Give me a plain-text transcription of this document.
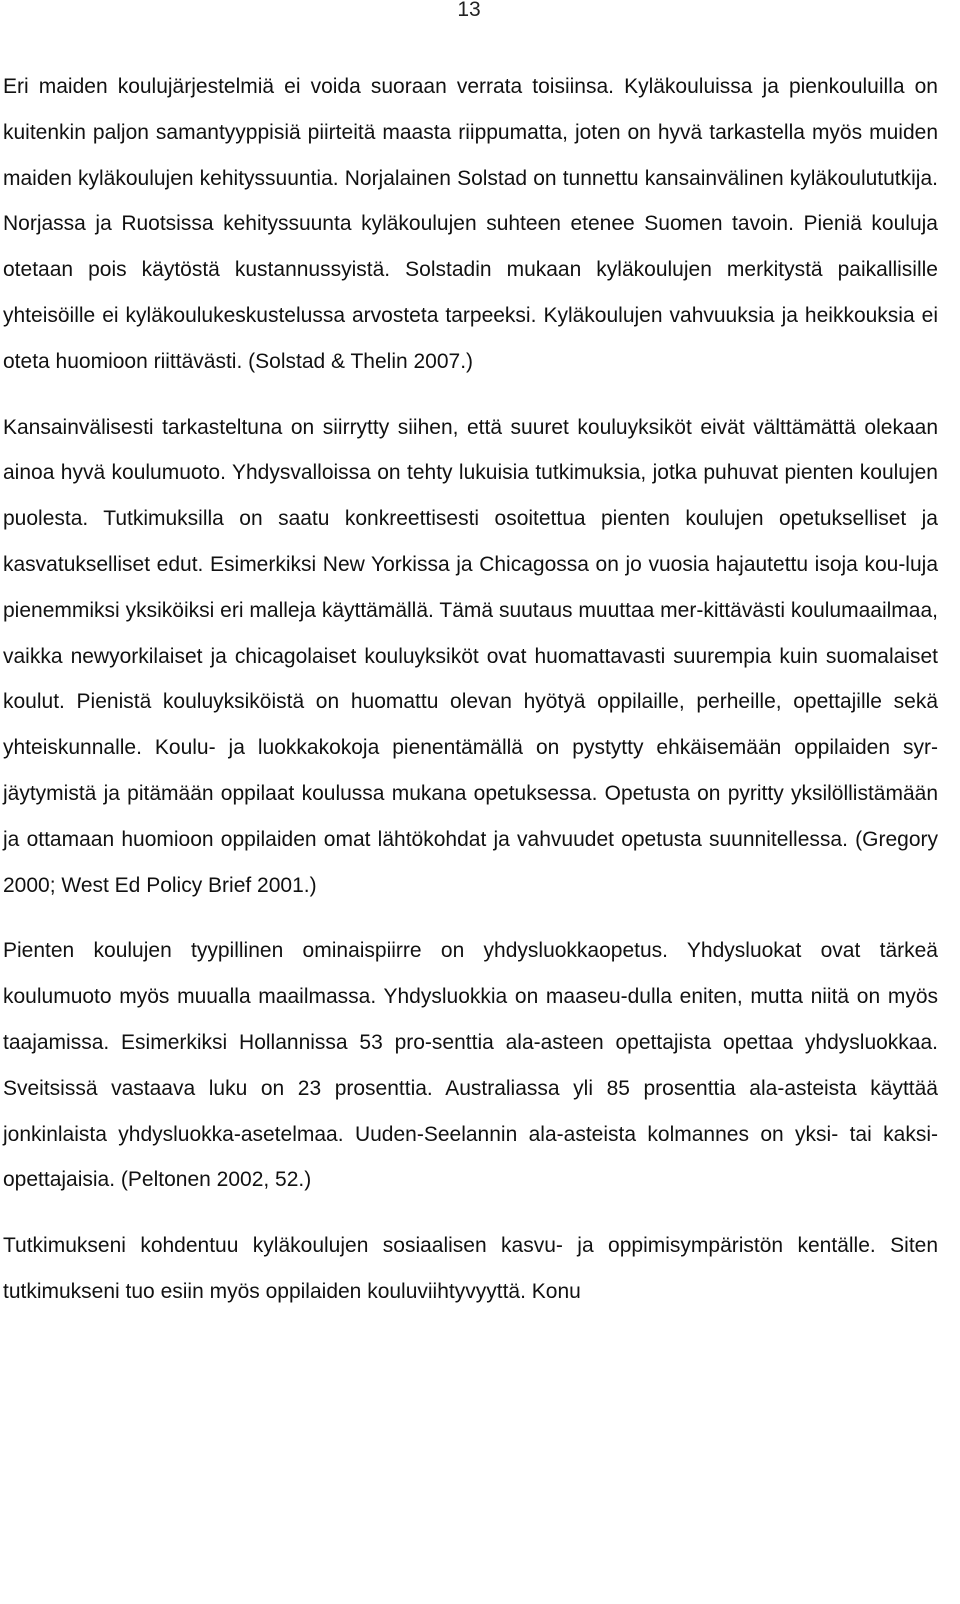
13

Eri maiden koulujärjestelmiä ei voida suoraan verrata toisiinsa. Kyläkouluissa ja pienkouluilla on kuitenkin paljon samantyyppisiä piirteitä maasta riippumatta, joten on hyvä tarkastella myös muiden maiden kyläkoulujen kehityssuuntia. Norjalainen Solstad on tunnettu kansainvälinen kyläkoulututkija. Norjassa ja Ruotsissa kehityssuunta kyläkoulujen suhteen etenee Suomen tavoin. Pieniä kouluja otetaan pois käytöstä kustannussyistä. Solstadin mukaan kyläkoulujen merkitystä paikallisille yhteisöille ei kyläkoulukeskustelussa arvosteta tarpeeksi. Kyläkoulujen vahvuuksia ja heikkouksia ei oteta huomioon riittävästi. (Solstad & Thelin 2007.)

Kansainvälisesti tarkasteltuna on siirrytty siihen, että suuret kouluyksiköt eivät välttämättä olekaan ainoa hyvä koulumuoto. Yhdysvalloissa on tehty lukuisia tutkimuksia, jotka puhuvat pienten koulujen puolesta. Tutkimuksilla on saatu konkreettisesti osoitettua pienten koulujen opetukselliset ja kasvatukselliset edut. Esimerkiksi New Yorkissa ja Chicagossa on jo vuosia hajautettu isoja kou-luja pienemmiksi yksiköiksi eri malleja käyttämällä. Tämä suutaus muuttaa mer-kittävästi koulumaailmaa, vaikka newyorkilaiset ja chicagolaiset kouluyksiköt ovat huomattavasti suurempia kuin suomalaiset koulut. Pienistä kouluyksiköistä on huomattu olevan hyötyä oppilaille, perheille, opettajille sekä yhteiskunnalle. Koulu- ja luokkakokoja pienentämällä on pystytty ehkäisemään oppilaiden syr-jäytymistä ja pitämään oppilaat koulussa mukana opetuksessa. Opetusta on pyritty yksilöllistämään ja ottamaan huomioon oppilaiden omat lähtökohdat ja vahvuudet opetusta suunnitellessa. (Gregory 2000; West Ed Policy Brief 2001.)

Pienten koulujen tyypillinen ominaispiirre on yhdysluokkaopetus. Yhdysluokat ovat tärkeä koulumuoto myös muualla maailmassa. Yhdysluokkia on maaseu-dulla eniten, mutta niitä on myös taajamissa. Esimerkiksi Hollannissa 53 pro-senttia ala-asteen opettajista opettaa yhdysluokkaa. Sveitsissä vastaava luku on 23 prosenttia. Australiassa yli 85 prosenttia ala-asteista käyttää jonkinlaista yhdysluokka-asetelmaa. Uuden-Seelannin ala-asteista kolmannes on yksi- tai kaksi-opettajaisia. (Peltonen 2002, 52.)

Tutkimukseni kohdentuu kyläkoulujen sosiaalisen kasvu- ja oppimisympäristön kentälle. Siten tutkimukseni tuo esiin myös oppilaiden kouluviihtyvyyttä. Konu
